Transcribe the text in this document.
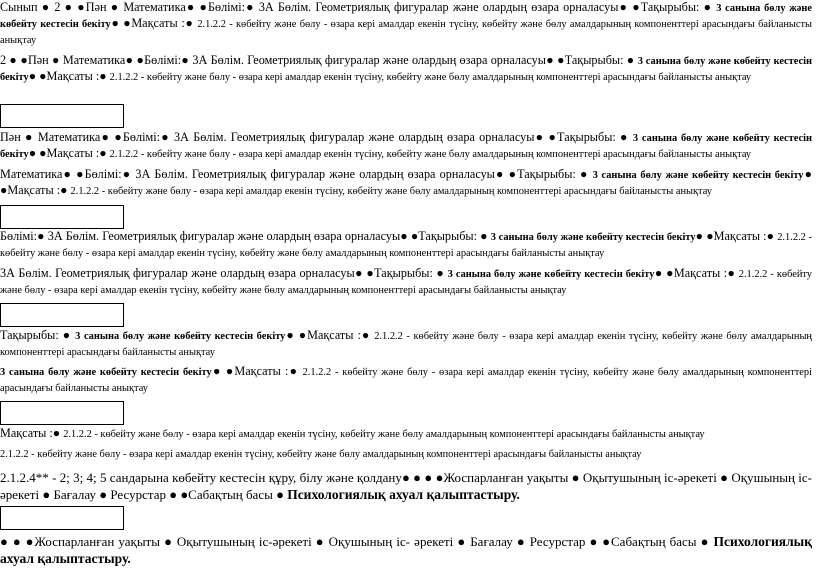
Сынып ● 2 ● ●Пән ● Математика● ●Бөлімі:● 3А Бөлім. Геометриялық фигуралар және олардың өзара орналасуы● ●Тақырыбы: ● 3 санына бөлу және көбейту кестесін бекіту● ●Мақсаты :● 2.1.2.2 - көбейту және бөлу - өзара кері амалдар екенін түсіну, көбейту және бөлу амалдарының компоненттері арасындағы байланысты анықтау

2 ● ●Пән ● Математика● ●Бөлімі:● 3А Бөлім. Геометриялық фигуралар және олардың өзара орналасуы● ●Тақырыбы: ● 3 санына бөлу және көбейту кестесін бекіту● ●Мақсаты :● 2.1.2.2 - көбейту және бөлу - өзара кері амалдар екенін түсіну, көбейту және бөлу амалдарының компоненттері арасындағы байланысты анықтау

Пән ● Математика● ●Бөлімі:● 3А Бөлім. Геометриялық фигуралар және олардың өзара орналасуы● ●Тақырыбы: ● 3 санына бөлу және көбейту кестесін бекіту● ●Мақсаты :● 2.1.2.2 - көбейту және бөлу - өзара кері амалдар екенін түсіну, көбейту және бөлу амалдарының компоненттері арасындағы байланысты анықтау

Математика● ●Бөлімі:● 3А Бөлім. Геометриялық фигуралар және олардың өзара орналасуы● ●Тақырыбы: ● 3 санына бөлу және көбейту кестесін бекіту● ●Мақсаты :● 2.1.2.2 - көбейту және бөлу - өзара кері амалдар екенін түсіну, көбейту және бөлу амалдарының компоненттері арасындағы байланысты анықтау

Бөлімі:● 3А Бөлім. Геометриялық фигуралар және олардың өзара орналасуы● ●Тақырыбы: ● 3 санына бөлу және көбейту кестесін бекіту● ●Мақсаты :● 2.1.2.2 - көбейту және бөлу - өзара кері амалдар екенін түсіну, көбейту және бөлу амалдарының компоненттері арасындағы байланысты анықтау

3А Бөлім. Геометриялық фигуралар және олардың өзара орналасуы● ●Тақырыбы: ● 3 санына бөлу және көбейту кестесін бекіту● ●Мақсаты :● 2.1.2.2 - көбейту және бөлу - өзара кері амалдар екенін түсіну, көбейту және бөлу амалдарының компоненттері арасындағы байланысты анықтау

Тақырыбы: ● 3 санына бөлу және көбейту кестесін бекіту● ●Мақсаты :● 2.1.2.2 - көбейту және бөлу - өзара кері амалдар екенін түсіну, көбейту және бөлу амалдарының компоненттері арасындағы байланысты анықтау

3 санына бөлу және көбейту кестесін бекіту● ●Мақсаты :● 2.1.2.2 - көбейту және бөлу - өзара кері амалдар екенін түсіну, көбейту және бөлу амалдарының компоненттері арасындағы байланысты анықтау

Мақсаты :● 2.1.2.2 - көбейту және бөлу - өзара кері амалдар екенін түсіну, көбейту және бөлу амалдарының компоненттері арасындағы байланысты анықтау

2.1.2.2 - көбейту және бөлу - өзара кері амалдар екенін түсіну, көбейту және бөлу амалдарының компоненттері арасындағы байланысты анықтау

2.1.2.4** - 2; 3; 4; 5 сандарына көбейту кестесін құру, білу және қолдану● ● ● ●Жоспарланған уақыты ● Оқытушының іс-әрекеті ● Оқушының іс- әрекеті ● Бағалау ● Ресурстар ● ●Сабақтың басы ● Психологиялық ахуал қалыптастыру.

● ● ●Жоспарланған уақыты ● Оқытушының іс-әрекеті ● Оқушының іс- әрекеті ● Бағалау ● Ресурстар ● ●Сабақтың басы ● Психологиялық ахуал қалыптастыру.
